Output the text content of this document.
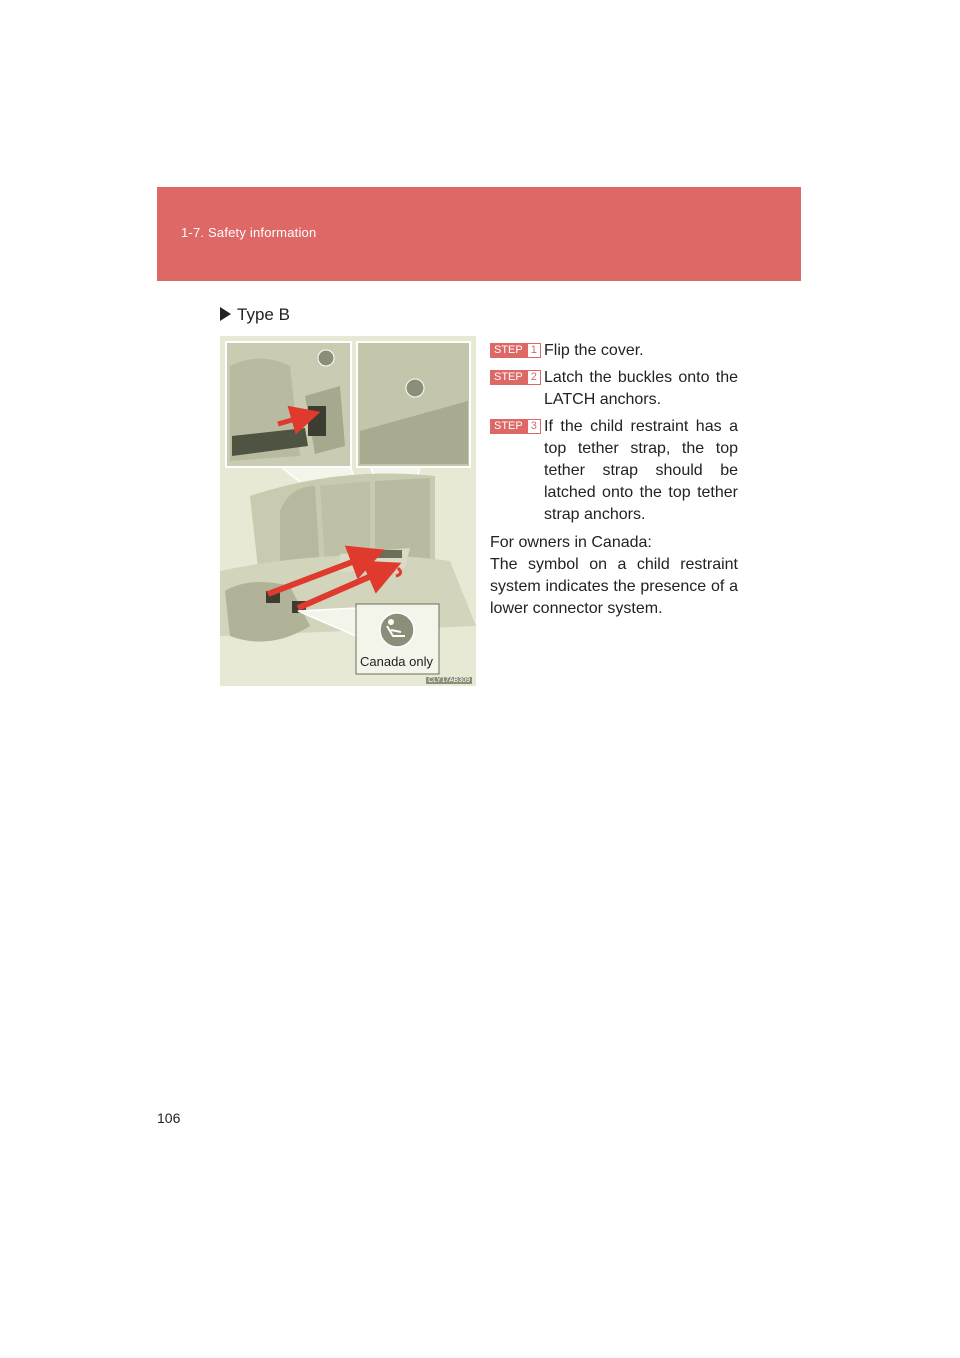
1-7. Safety information
Type B
Canada only
CLY17AB309
STEP 1 Flip the cover.
STEP 2 Latch the buckles onto the LATCH anchors.
STEP 3 If the child restraint has a top tether strap, the top tether strap should be latched onto the top tether strap anchors.

For owners in Canada:

The symbol on a child restraint system indicates the presence of a lower connector system.

106
